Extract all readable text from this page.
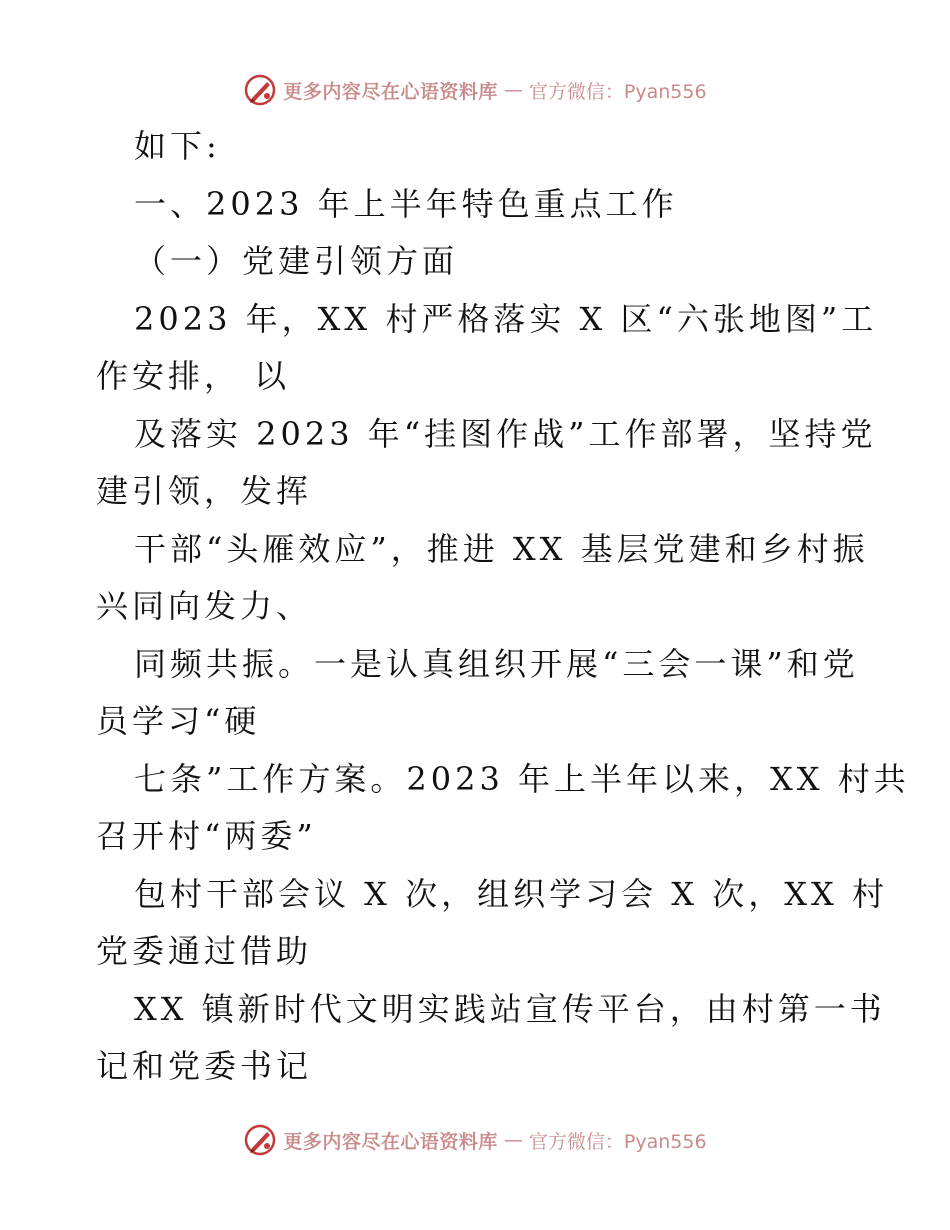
更多内容尽在心语资料库 — 官方微信：Pyan556
如下:
一、2023 年上半年特色重点工作
（一）党建引领方面
2023 年，XX 村严格落实 X 区“六张地图”工
作安排， 以
及落实 2023 年“挂图作战”工作部署，坚持党
建引领，发挥
干部“头雁效应”，推进 XX 基层党建和乡村振
兴同向发力、
同频共振。一是认真组织开展“三会一课”和党
员学习“硬
七条”工作方案。2023 年上半年以来，XX 村共
召开村“两委”
包村干部会议 X 次，组织学习会 X 次，XX 村
党委通过借助
XX 镇新时代文明实践站宣传平台，由村第一书
记和党委书记
更多内容尽在心语资料库 — 官方微信：Pyan556
